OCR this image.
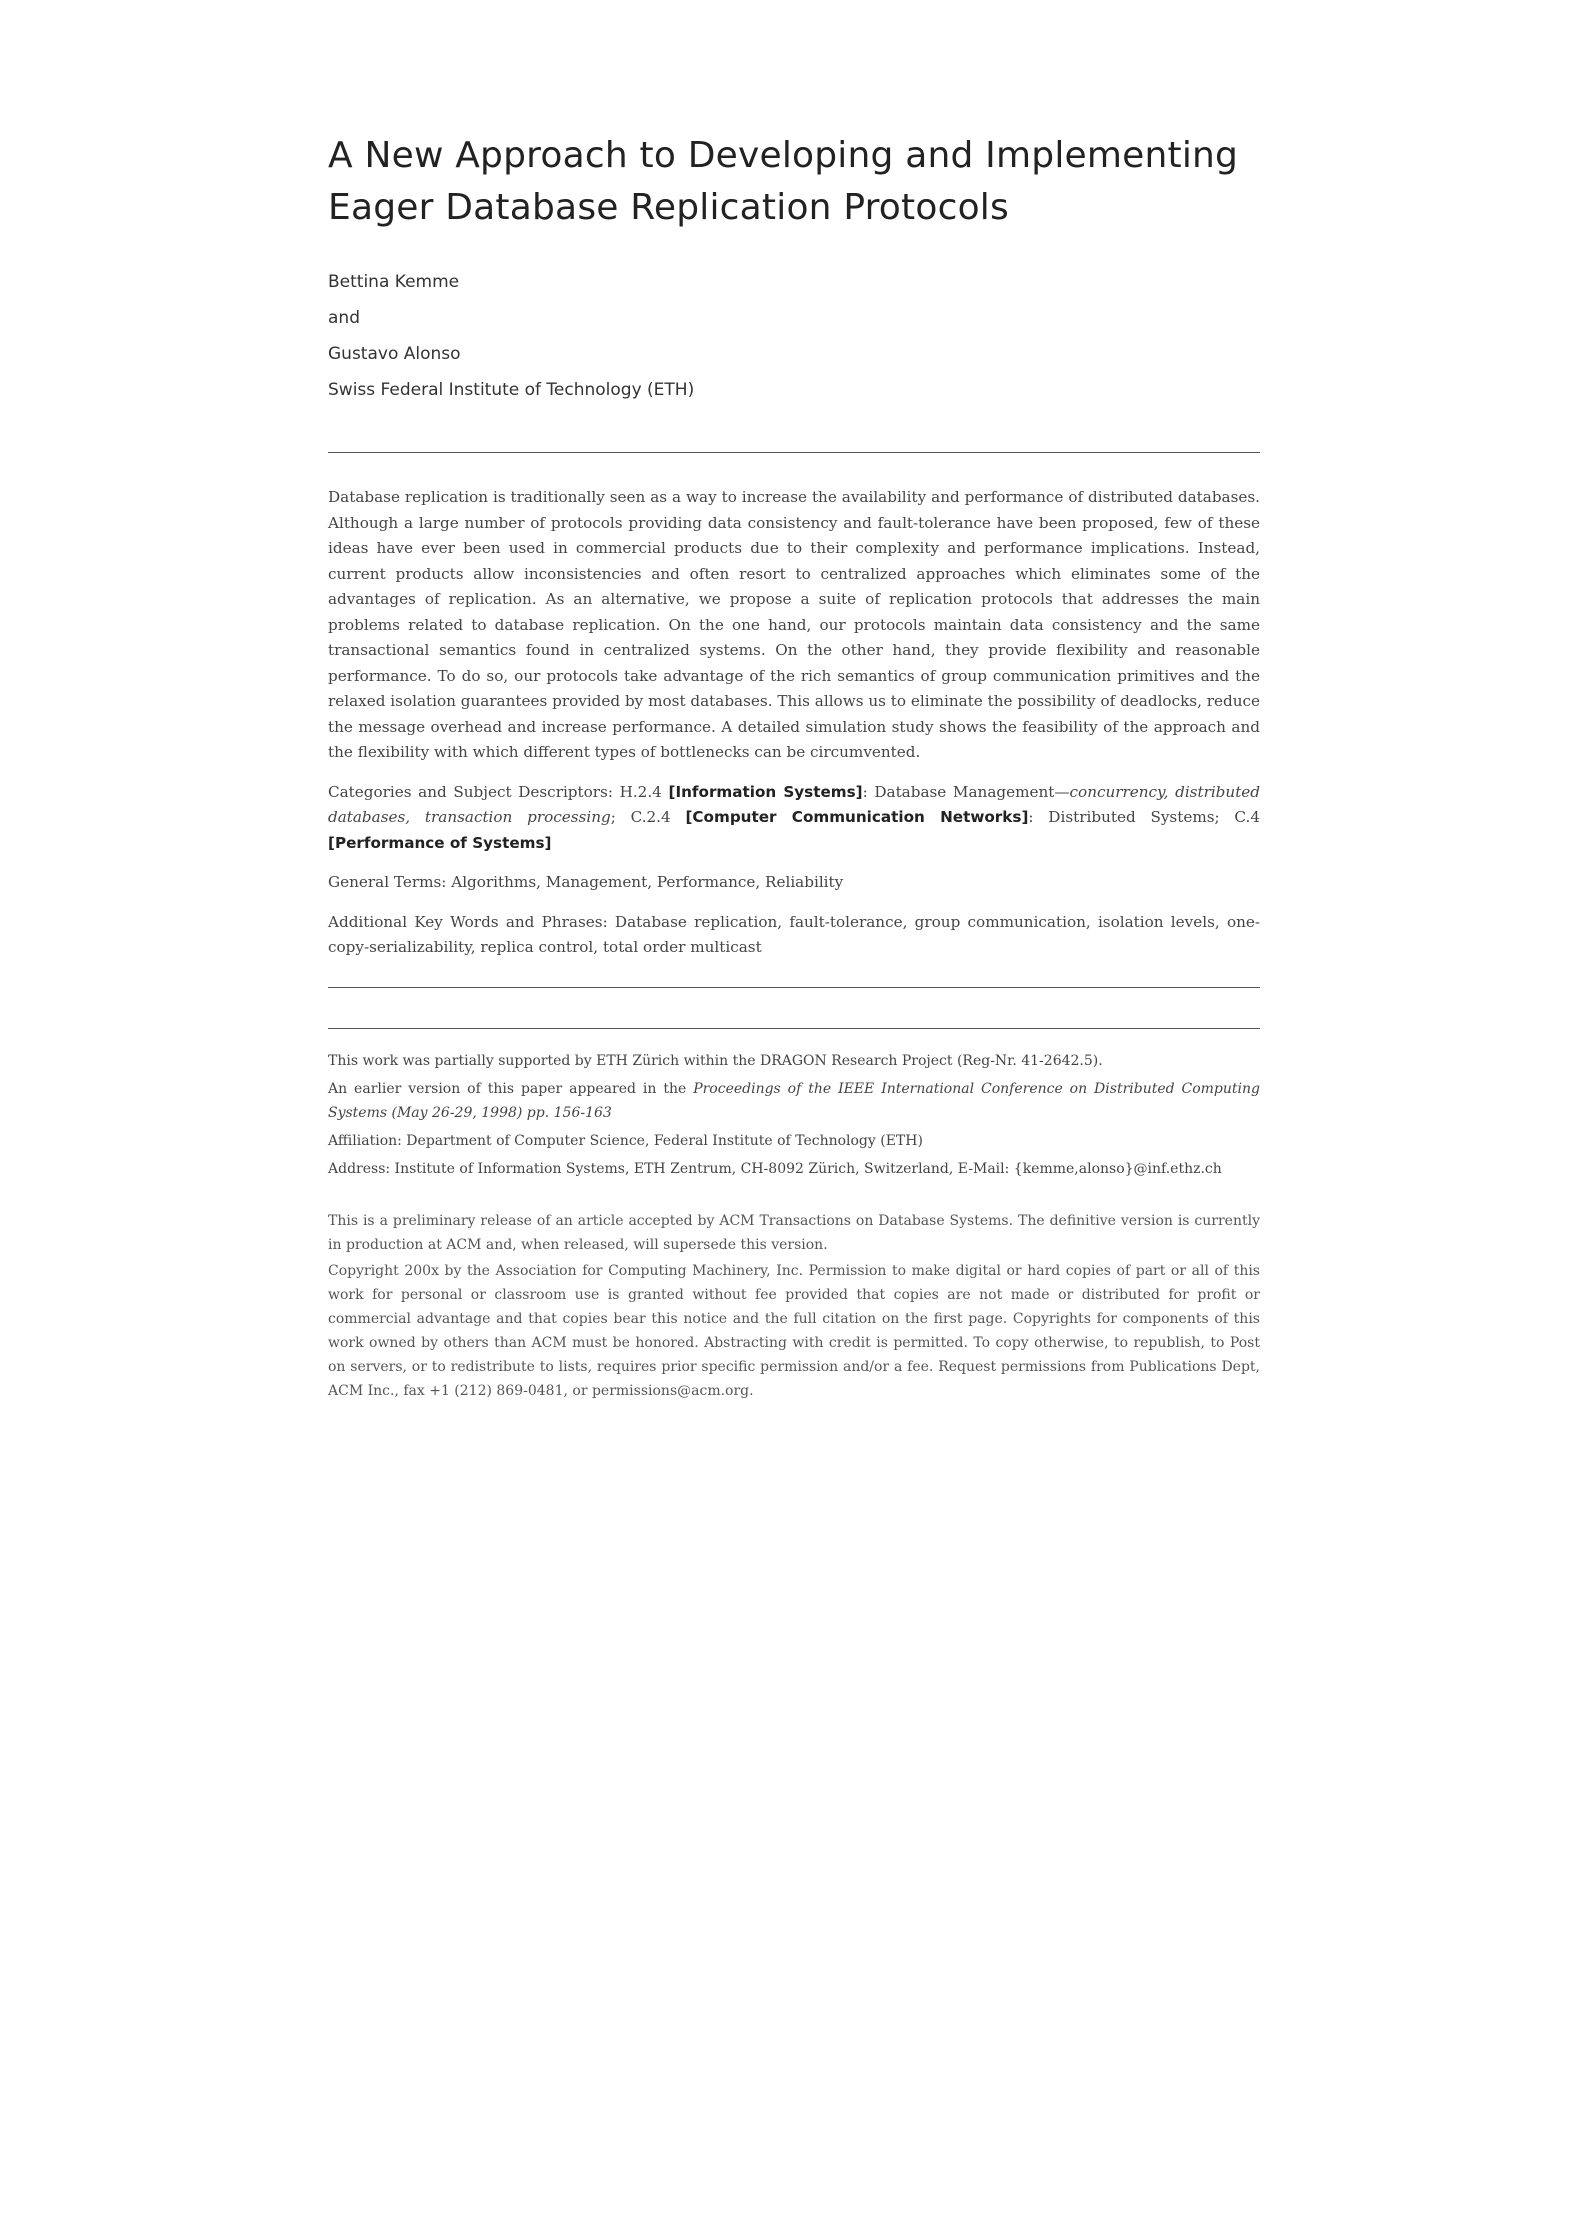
A New Approach to Developing and Implementing
Eager Database Replication Protocols

Bettina Kemme

and

Gustavo Alonso

Swiss Federal Institute of Technology (ETH)

Database replication is traditionally seen as a way to increase the availability and performance of distributed databases. Although a large number of protocols providing data consistency and fault-tolerance have been proposed, few of these ideas have ever been used in commercial products due to their complexity and performance implications. Instead, current products allow inconsistencies and often resort to centralized approaches which eliminates some of the advantages of replication. As an alternative, we propose a suite of replication protocols that addresses the main problems related to database replication. On the one hand, our protocols maintain data consistency and the same transactional semantics found in centralized systems. On the other hand, they provide flexibility and reasonable performance. To do so, our protocols take advantage of the rich semantics of group communication primitives and the relaxed isolation guarantees provided by most databases. This allows us to eliminate the possibility of deadlocks, reduce the message overhead and increase performance. A detailed simulation study shows the feasibility of the approach and the flexibility with which different types of bottlenecks can be circumvented.

Categories and Subject Descriptors: H.2.4 [Information Systems]: Database Management—concurrency, distributed databases, transaction processing; C.2.4 [Computer Communication Networks]: Distributed Systems; C.4 [Performance of Systems]

General Terms: Algorithms, Management, Performance, Reliability

Additional Key Words and Phrases: Database replication, fault-tolerance, group communication, isolation levels, one-copy-serializability, replica control, total order multicast

This work was partially supported by ETH Zürich within the DRAGON Research Project (Reg-Nr. 41-2642.5).

An earlier version of this paper appeared in the Proceedings of the IEEE International Conference on Distributed Computing Systems (May 26-29, 1998) pp. 156-163

Affiliation: Department of Computer Science, Federal Institute of Technology (ETH)

Address: Institute of Information Systems, ETH Zentrum, CH-8092 Zürich, Switzerland, E-Mail: {kemme,alonso}@inf.ethz.ch

This is a preliminary release of an article accepted by ACM Transactions on Database Systems. The definitive version is currently in production at ACM and, when released, will supersede this version.

Copyright 200x by the Association for Computing Machinery, Inc. Permission to make digital or hard copies of part or all of this work for personal or classroom use is granted without fee provided that copies are not made or distributed for profit or commercial advantage and that copies bear this notice and the full citation on the first page. Copyrights for components of this work owned by others than ACM must be honored. Abstracting with credit is permitted. To copy otherwise, to republish, to Post on servers, or to redistribute to lists, requires prior specific permission and/or a fee. Request permissions from Publications Dept, ACM Inc., fax +1 (212) 869-0481, or permissions@acm.org.
